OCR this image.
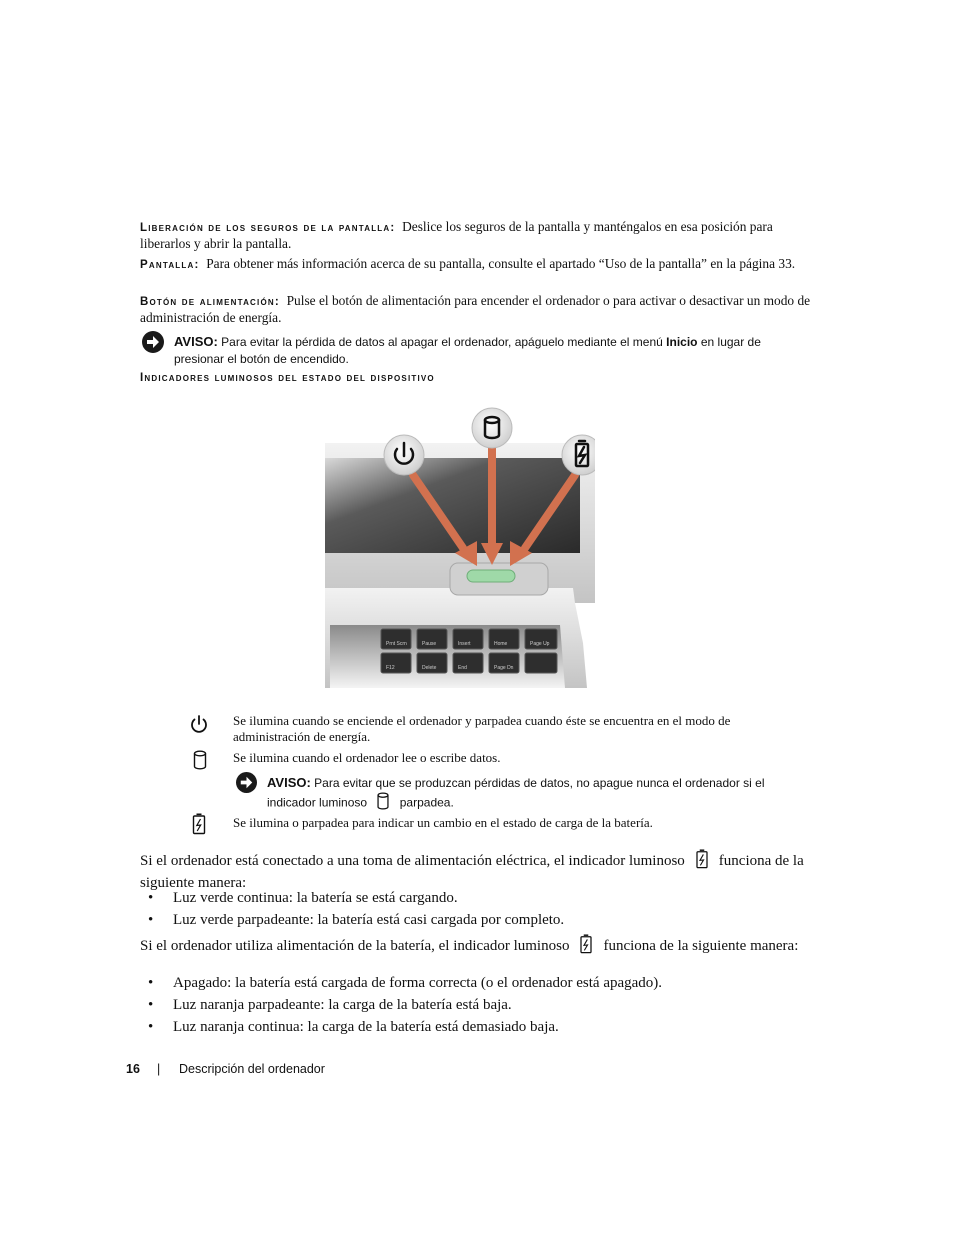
Liberación de los seguros de la pantalla: Deslice los seguros de la pantalla y manténgalos en esa posición para liberarlos y abrir la pantalla.

Pantalla: Para obtener más información acerca de su pantalla, consulte el apartado “Uso de la pantalla” en la página 33.

Botón de alimentación: Pulse el botón de alimentación para encender el ordenador o para activar o desactivar un modo de administración de energía.

AVISO: Para evitar la pérdida de datos al apagar el ordenador, apáguelo mediante el menú Inicio en lugar de presionar el botón de encendido.
Indicadores luminosos del estado del dispositivo
Prnt Scrn	Pause	Insert	Home	Page Up
F12	Delete	End	Page Dn
Se ilumina cuando se enciende el ordenador y parpadea cuando éste se encuentra en el modo de administración de energía.
Se ilumina cuando el ordenador lee o escribe datos.
AVISO: Para evitar que se produzcan pérdidas de datos, no apague nunca el ordenador si el indicador luminoso	parpadea.
Se ilumina o parpadea para indicar un cambio en el estado de carga de la batería.
Si el ordenador está conectado a una toma de alimentación eléctrica, el indicador luminoso funciona de la siguiente manera:
• Luz verde continua: la batería se está cargando.
• Luz verde parpadeante: la batería está casi cargada por completo.
Si el ordenador utiliza alimentación de la batería, el indicador luminoso funciona de la siguiente manera:
• Apagado: la batería está cargada de forma correcta (o el ordenador está apagado).
• Luz naranja parpadeante: la carga de la batería está baja.
• Luz naranja continua: la carga de la batería está demasiado baja.
16 | Descripción del ordenador
